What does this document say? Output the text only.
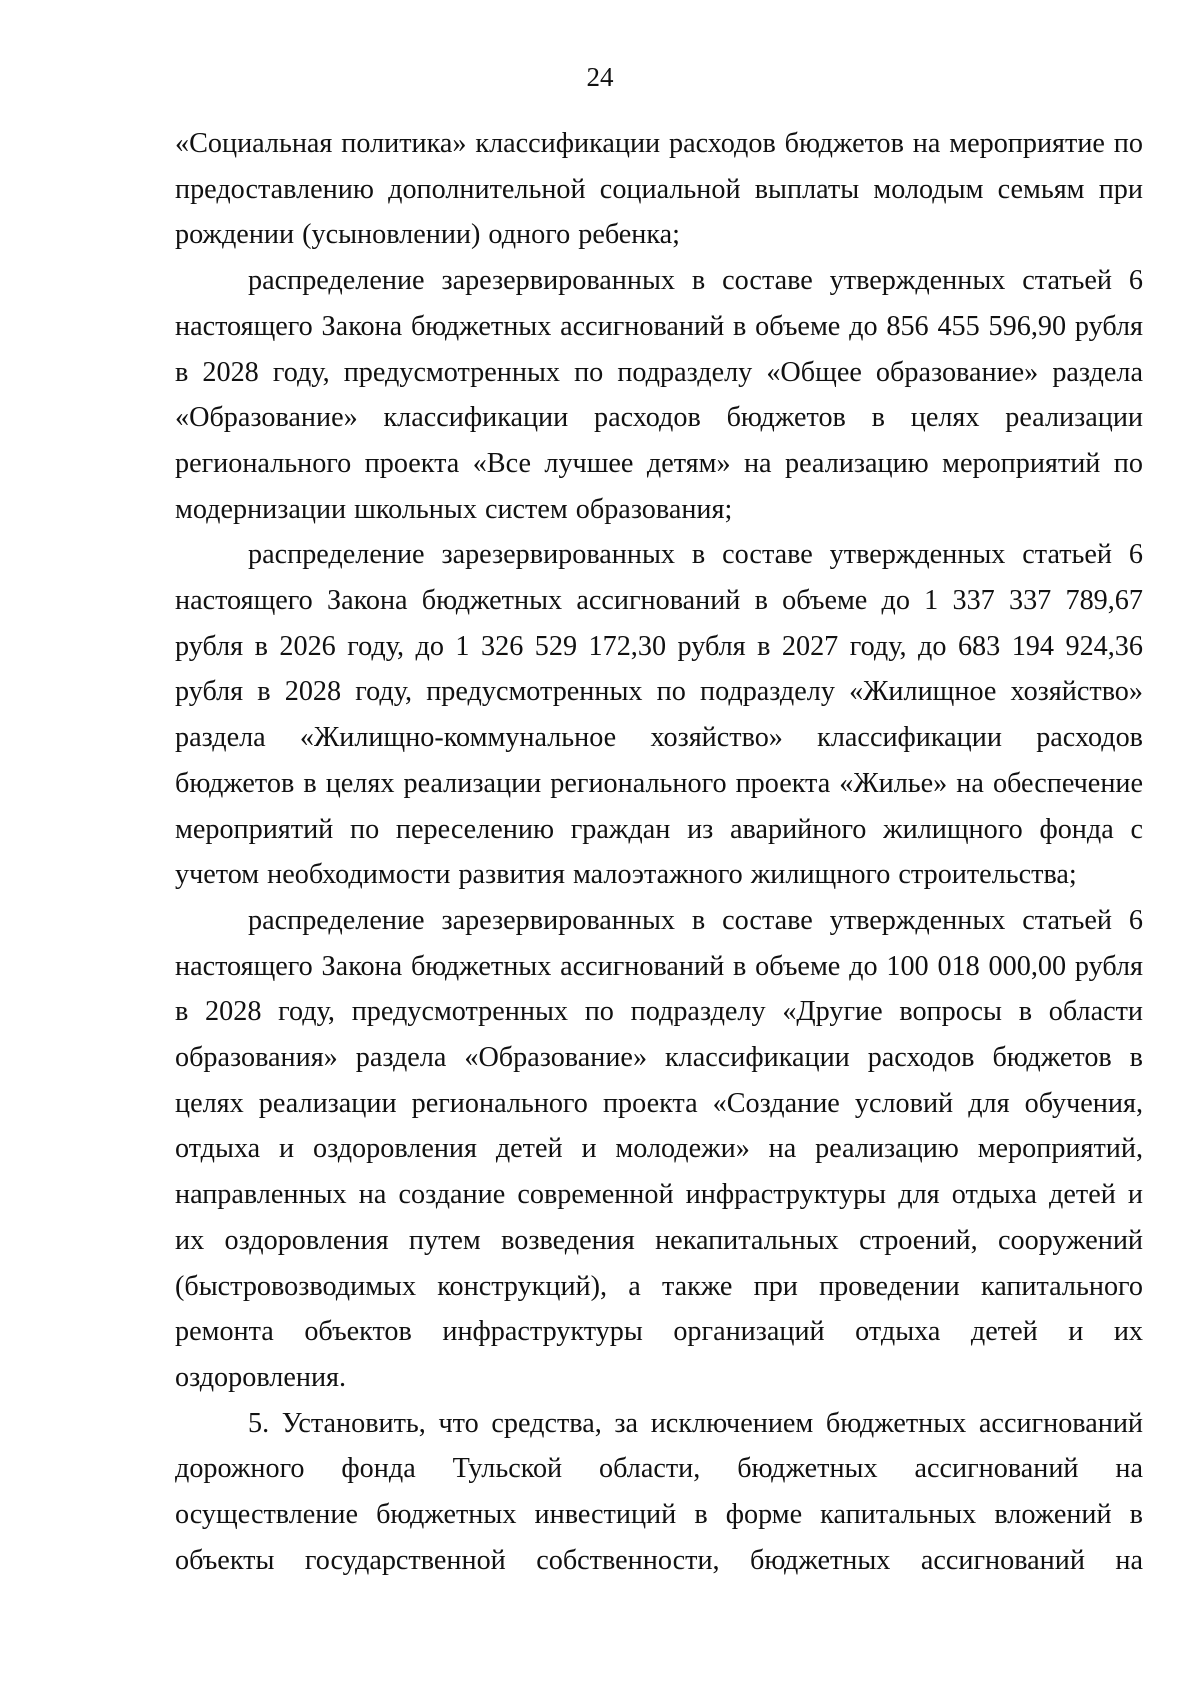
24

«Социальная политика» классификации расходов бюджетов на мероприятие по предоставлению дополнительной социальной выплаты молодым семьям при рождении (усыновлении) одного ребенка;

распределение зарезервированных в составе утвержденных статьей 6 настоящего Закона бюджетных ассигнований в объеме до 856 455 596,90 рубля в 2028 году, предусмотренных по подразделу «Общее образование» раздела «Образование» классификации расходов бюджетов в целях реализации регионального проекта «Все лучшее детям» на реализацию мероприятий по модернизации школьных систем образования;

распределение зарезервированных в составе утвержденных статьей 6 настоящего Закона бюджетных ассигнований в объеме до 1 337 337 789,67 рубля в 2026 году, до 1 326 529 172,30 рубля в 2027 году, до 683 194 924,36 рубля в 2028 году, предусмотренных по подразделу «Жилищное хозяйство» раздела «Жилищно-коммунальное хозяйство» классификации расходов бюджетов в целях реализации регионального проекта «Жилье» на обеспечение мероприятий по переселению граждан из аварийного жилищного фонда с учетом необходимости развития малоэтажного жилищного строительства;

распределение зарезервированных в составе утвержденных статьей 6 настоящего Закона бюджетных ассигнований в объеме до 100 018 000,00 рубля в 2028 году, предусмотренных по подразделу «Другие вопросы в области образования» раздела «Образование» классификации расходов бюджетов в целях реализации регионального проекта «Создание условий для обучения, отдыха и оздоровления детей и молодежи» на реализацию мероприятий, направленных на создание современной инфраструктуры для отдыха детей и их оздоровления путем возведения некапитальных строений, сооружений (быстровозводимых конструкций), а также при проведении капитального ремонта объектов инфраструктуры организаций отдыха детей и их оздоровления.

5. Установить, что средства, за исключением бюджетных ассигнований дорожного фонда Тульской области, бюджетных ассигнований на осуществление бюджетных инвестиций в форме капитальных вложений в объекты государственной собственности, бюджетных ассигнований на
